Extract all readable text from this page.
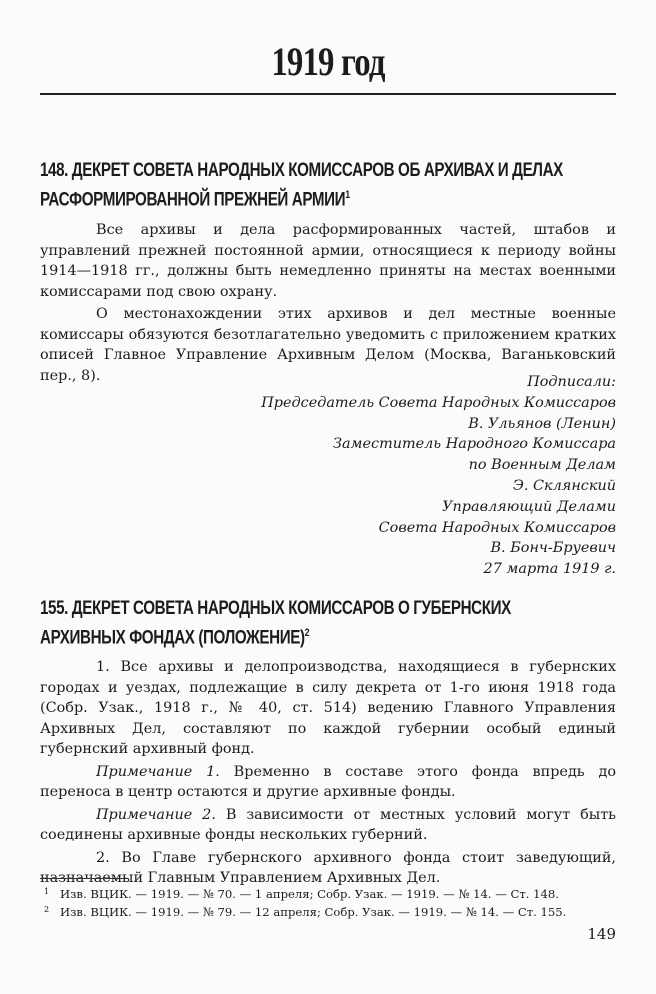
1919 год
148. ДЕКРЕТ СОВЕТА НАРОДНЫХ КОМИССАРОВ ОБ АРХИВАХ И ДЕЛАХ
РАСФОРМИРОВАННОЙ ПРЕЖНЕЙ АРМИИ$^1$

Все архивы и дела расформированных частей, штабов и управлений прежней постоянной армии, относящиеся к периоду войны 1914—1918 гг., должны быть немедленно приняты на местах военными комиссарами под свою охрану.

О местонахождении этих архивов и дел местные военные комиссары обязуются безотлагательно уведомить с приложением кратких описей Главное Управление Архивным Делом (Москва, Ваганьковский пер., 8).	Подписали:
Председатель Совета Народных Комиссаров
В. Ульянов (Ленин)
Заместитель Народного Комиссара
по Военным Делам
Э. Склянский
Управляющий Делами
Совета Народных Комиссаров
В. Бонч-Бруевич
27 марта 1919 г.
155. ДЕКРЕТ СОВЕТА НАРОДНЫХ КОМИССАРОВ О ГУБЕРНСКИХ
АРХИВНЫХ ФОНДАХ (ПОЛОЖЕНИЕ)$^2$

1. Все архивы и делопроизводства, находящиеся в губернских городах и уездах, подлежащие в силу декрета от 1-го июня 1918 года (Собр. Узак., 1918 г., № 40, ст. 514) ведению Главного Управления Архивных Дел, составляют по каждой губернии особый единый губернский архивный фонд.

Примечание 1. Временно в составе этого фонда впредь до переноса в центр остаются и другие архивные фонды.

Примечание 2. В зависимости от местных условий могут быть соединены архивные фонды нескольких губерний.

2. Во Главе губернского архивного фонда стоит заведующий, назначаемый Главным Управлением Архивных Дел.

1 Изв. ВЦИК. — 1919. — № 70. — 1 апреля; Собр. Узак. — 1919. — № 14. — Ст. 148.
2 Изв. ВЦИК. — 1919. — № 79. — 12 апреля; Собр. Узак. — 1919. — № 14. — Ст. 155.
149
